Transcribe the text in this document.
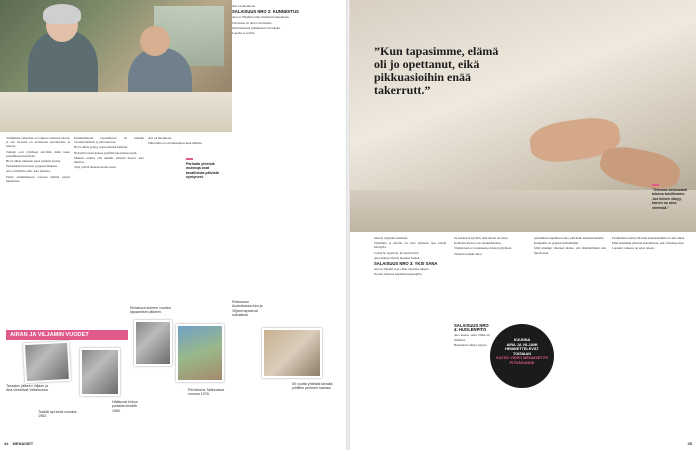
Ylimmässä valkoinen ovi aukeaa tuttavien taloon, ja sen vieressä on koristeena kasvikoriste ja astioita.

Tutkijat ovat yrittäneet selvittää, mikä tekee parisuhteesta kestävän.

Hyvä suhde rakentuu arjen pienistä teoista.

Parisuhdetta kuvataan tyyppien mukaan.

Aira ei mallilla ollut. Aira muistaa.

Pariin ensimmäiseen vuoteen mahtui paljon muutoksia.

Ensimmäisestä tapaamisesta on kulunut vuosikymmeniä, ja yhä nauravat.

Hyvä suhde syntyy arjen pienistä hetkistä.

Nykyisin lasten kanssa pyritään tapaamaan usein.

Minusta tuntuu, että olimme yhdessä nuoria. Aira muistaa.

Vilja yrittää muistaa monta asiaa.

Airi toi huomioon.

Ehkä tämä on arvokkaampaa kuin mikään.

Parhaita yhteisiä muistoja ovat tavallisista päivistä syntyneet.

Airi toi huomioon.

SALAISUUS NRO 2: KUNNIOITUS

Aira ja Viljamin tarina ilmaisutti tuntemiaan.

Toivelmat oli ollut toivelistalla.

Parin hetkessä puhuminen oli tärkeää.

Lopulta se selvisi.

AIRAN JA VILJAMIN VUODET
Kihlakuva kolmen vuoden tapaamisen jälkeen.
Tanssien jälkeen Viljami ja Aira vierailivat Vellamossa.
Tosiillä nyt kesä vuosina 1963.
Hääkuvat kirkon portailla kesällä 1960.
Perheloma Tallinnassa vuonna 1978.
Reissussa Australiassa Aira ja Viljami tapasivat sukulaisia.
50 vuotta yhteistä taivalta juhlittiin perheen kanssa.
44 MENAISET
”Kun tapasimme, elämä oli jo opettanut, eikä pikkuasioihin enää takerrutt.”

tekevät nykyään toisilleen.

Viljamilla ja Airalla on ollut yhteinen tapa käydä kävelyllä.

Ja kun he tapasivat, he tiesivät heti.

Aira muistaa monta hauskaa hetkeä.

SALAISUUS NRO 3: YKSI SANA

Aira ja Viljami ovat olleet toistensa tukena.

Kerran viikossa käydään kaupungilla.

Se kuulostaa hyvältä, eikä silloin ole kiire.

Kohtalon kuviot ovat monimutkaisia.

Viljami kertoo tavanneensa Airan kylpylässä.

Tanssista kaikki alkoi.

SALAISUUS NRO 4: HUOLENPITO

Aira katsoo asiaa vähän eri kulmista.

Huolenpito näkyy arjessa.

KUUNNA
AIRA JA VILJAMI
HEMMETTELEVÄT
TOISIAAN
KATSO VIDEO MENAISET.FI/
PITKÄSUHDE

parisuhteen sujumisen aika, päivittäin keskustelemalla.

Kumpikin on oppinut hellittämään.

Mitä pidempi yhteinen matka, sitä tärkeämmäksi arki muodostuu.

”Olemme toistuvasti tukena toisillemme. Jos toinen väsyy, toinen on aina vieressä.”

Pauliinakin saanut yhteisiin keskusteluihin on aina aikaa.

Mitä enemmän yhteisiä kokemuksia, sitä vahvempi side.

Lopuksi: rakkaus on arjen tekoja.

45
